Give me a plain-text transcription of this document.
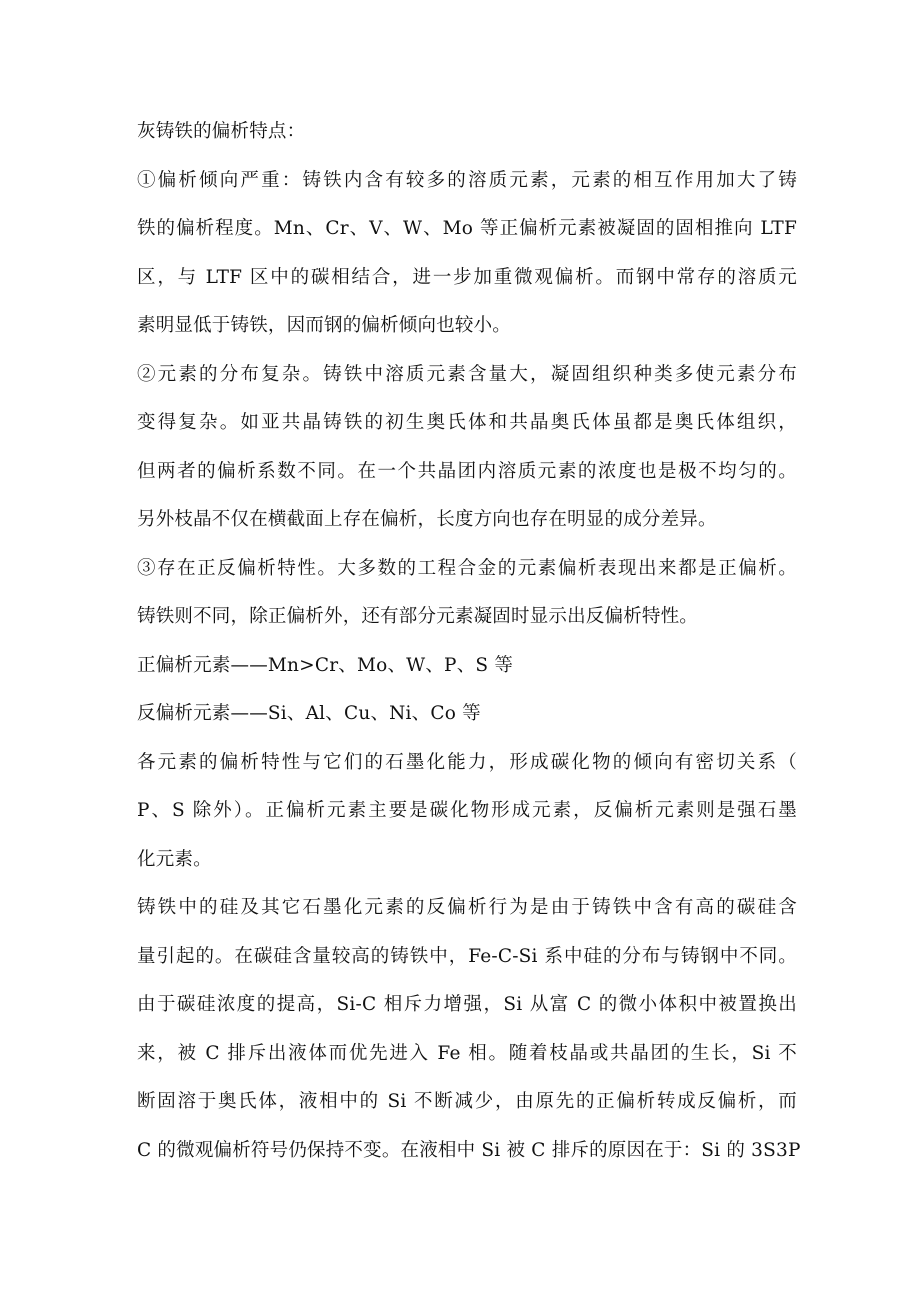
灰铸铁的偏析特点：
①偏析倾向严重：铸铁内含有较多的溶质元素，元素的相互作用加大了铸
铁的偏析程度。Mn、Cr、V、W、Mo 等正偏析元素被凝固的固相推向 LTF
区，与 LTF 区中的碳相结合，进一步加重微观偏析。而钢中常存的溶质元
素明显低于铸铁，因而钢的偏析倾向也较小。
②元素的分布复杂。铸铁中溶质元素含量大，凝固组织种类多使元素分布
变得复杂。如亚共晶铸铁的初生奥氏体和共晶奥氏体虽都是奥氏体组织，
但两者的偏析系数不同。在一个共晶团内溶质元素的浓度也是极不均匀的。
另外枝晶不仅在横截面上存在偏析，长度方向也存在明显的成分差异。
③存在正反偏析特性。大多数的工程合金的元素偏析表现出来都是正偏析。
铸铁则不同，除正偏析外，还有部分元素凝固时显示出反偏析特性。
正偏析元素——Mn>Cr、Mo、W、P、S 等
反偏析元素——Si、Al、Cu、Ni、Co 等
各元素的偏析特性与它们的石墨化能力，形成碳化物的倾向有密切关系（
P、S 除外）。正偏析元素主要是碳化物形成元素，反偏析元素则是强石墨
化元素。
铸铁中的硅及其它石墨化元素的反偏析行为是由于铸铁中含有高的碳硅含
量引起的。在碳硅含量较高的铸铁中，Fe-C-Si 系中硅的分布与铸钢中不同。
由于碳硅浓度的提高，Si-C 相斥力增强，Si 从富 C 的微小体积中被置换出
来，被 C 排斥出液体而优先进入 Fe 相。随着枝晶或共晶团的生长，Si 不
断固溶于奥氏体，液相中的 Si 不断减少，由原先的正偏析转成反偏析，而
C 的微观偏析符号仍保持不变。在液相中 Si 被 C 排斥的原因在于：Si 的 3S3P
